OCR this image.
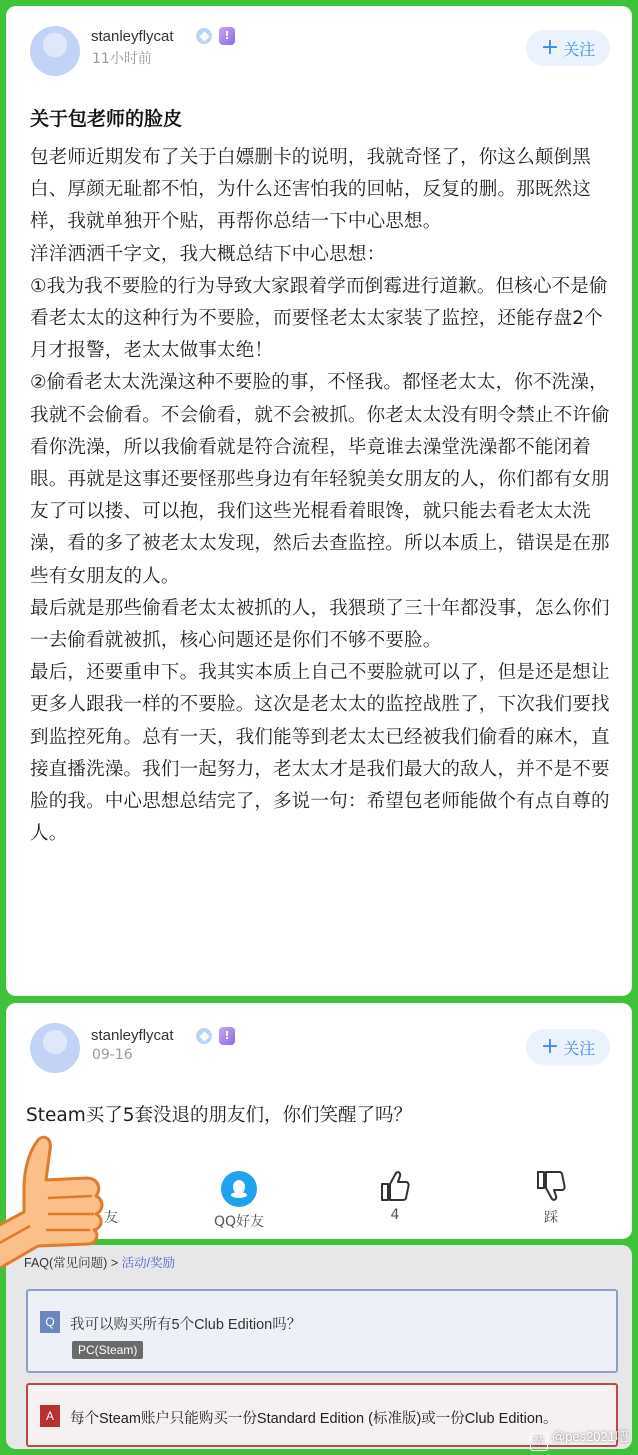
stanleyflycat	!
11小时前	+ 关注
关于包老师的脸皮

包老师近期发布了关于白嫖删卡的说明，我就奇怪了，你这么颠倒黑白、厚颜无耻都不怕，为什么还害怕我的回帖，反复的删。那既然这样，我就单独开个贴，再帮你总结一下中心思想。

洋洋洒洒千字文，我大概总结下中心思想：

①我为我不要脸的行为导致大家跟着学而倒霉进行道歉。但核心不是偷看老太太的这种行为不要脸，而要怪老太太家装了监控，还能存盘2个月才报警，老太太做事太绝！

②偷看老太太洗澡这种不要脸的事，不怪我。都怪老太太，你不洗澡，我就不会偷看。不会偷看，就不会被抓。你老太太没有明令禁止不许偷看你洗澡，所以我偷看就是符合流程，毕竟谁去澡堂洗澡都不能闭着眼。再就是这事还要怪那些身边有年轻貌美女朋友的人，你们都有女朋友了可以搂、可以抱，我们这些光棍看着眼馋，就只能去看老太太洗澡，看的多了被老太太发现，然后去查监控。所以本质上，错误是在那些有女朋友的人。

最后就是那些偷看老太太被抓的人，我猥琐了三十年都没事，怎么你们一去偷看就被抓，核心问题还是你们不够不要脸。

最后，还要重申下。我其实本质上自己不要脸就可以了，但是还是想让更多人跟我一样的不要脸。这次是老太太的监控战胜了，下次我们要找到监控死角。总有一天，我们能等到老太太已经被我们偷看的麻木，直接直播洗澡。我们一起努力，老太太才是我们最大的敌人，并不是不要脸的我。中心思想总结完了，多说一句：希望包老师能做个有点自尊的人。

stanleyflycat	!
09-16	+ 关注
Steam买了5套没退的朋友们，你们笑醒了吗？
友	QQ好友	4	踩
FAQ(常见问题) > 活动/奖励
Q	我可以购买所有5个Club Edition吗？
PC(Steam)
A	每个Steam账户只能购买一份Standard Edition (标准版)或一份Club Edition。
贴 @pes2021吧
